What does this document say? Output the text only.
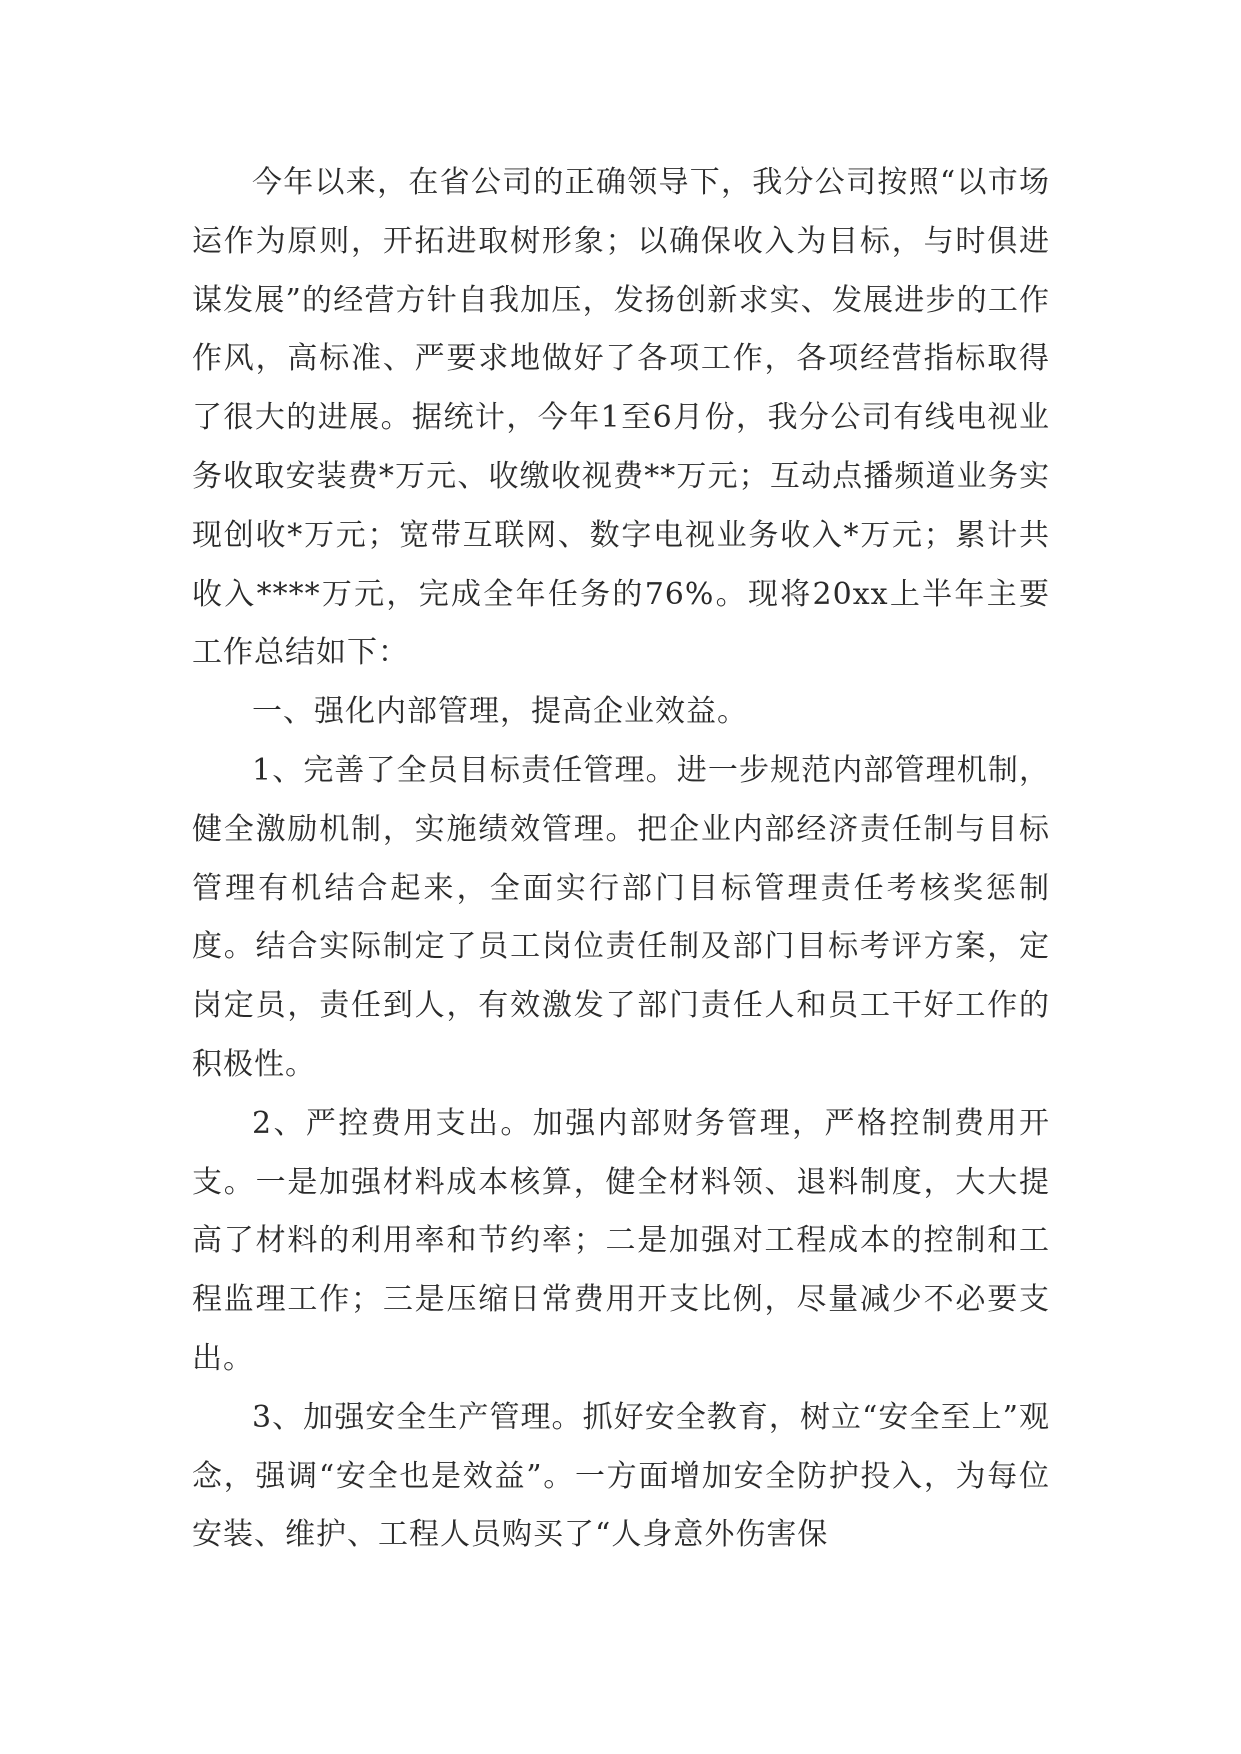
今年以来，在省公司的正确领导下，我分公司按照“以市场运作为原则，开拓进取树形象；以确保收入为目标，与时俱进谋发展”的经营方针自我加压，发扬创新求实、发展进步的工作作风，高标准、严要求地做好了各项工作，各项经营指标取得了很大的进展。据统计，今年1至6月份，我分公司有线电视业务收取安装费*万元、收缴收视费**万元；互动点播频道业务实现创收*万元；宽带互联网、数字电视业务收入*万元；累计共收入****万元，完成全年任务的76%。现将20xx上半年主要工作总结如下：

一、强化内部管理，提高企业效益。

1、完善了全员目标责任管理。进一步规范内部管理机制，健全激励机制，实施绩效管理。把企业内部经济责任制与目标管理有机结合起来，全面实行部门目标管理责任考核奖惩制度。结合实际制定了员工岗位责任制及部门目标考评方案，定岗定员，责任到人，有效激发了部门责任人和员工干好工作的积极性。

2、严控费用支出。加强内部财务管理，严格控制费用开支。一是加强材料成本核算，健全材料领、退料制度，大大提高了材料的利用率和节约率；二是加强对工程成本的控制和工程监理工作；三是压缩日常费用开支比例，尽量减少不必要支出。

3、加强安全生产管理。抓好安全教育，树立“安全至上”观念，强调“安全也是效益”。一方面增加安全防护投入，为每位安装、维护、工程人员购买了“人身意外伤害保
